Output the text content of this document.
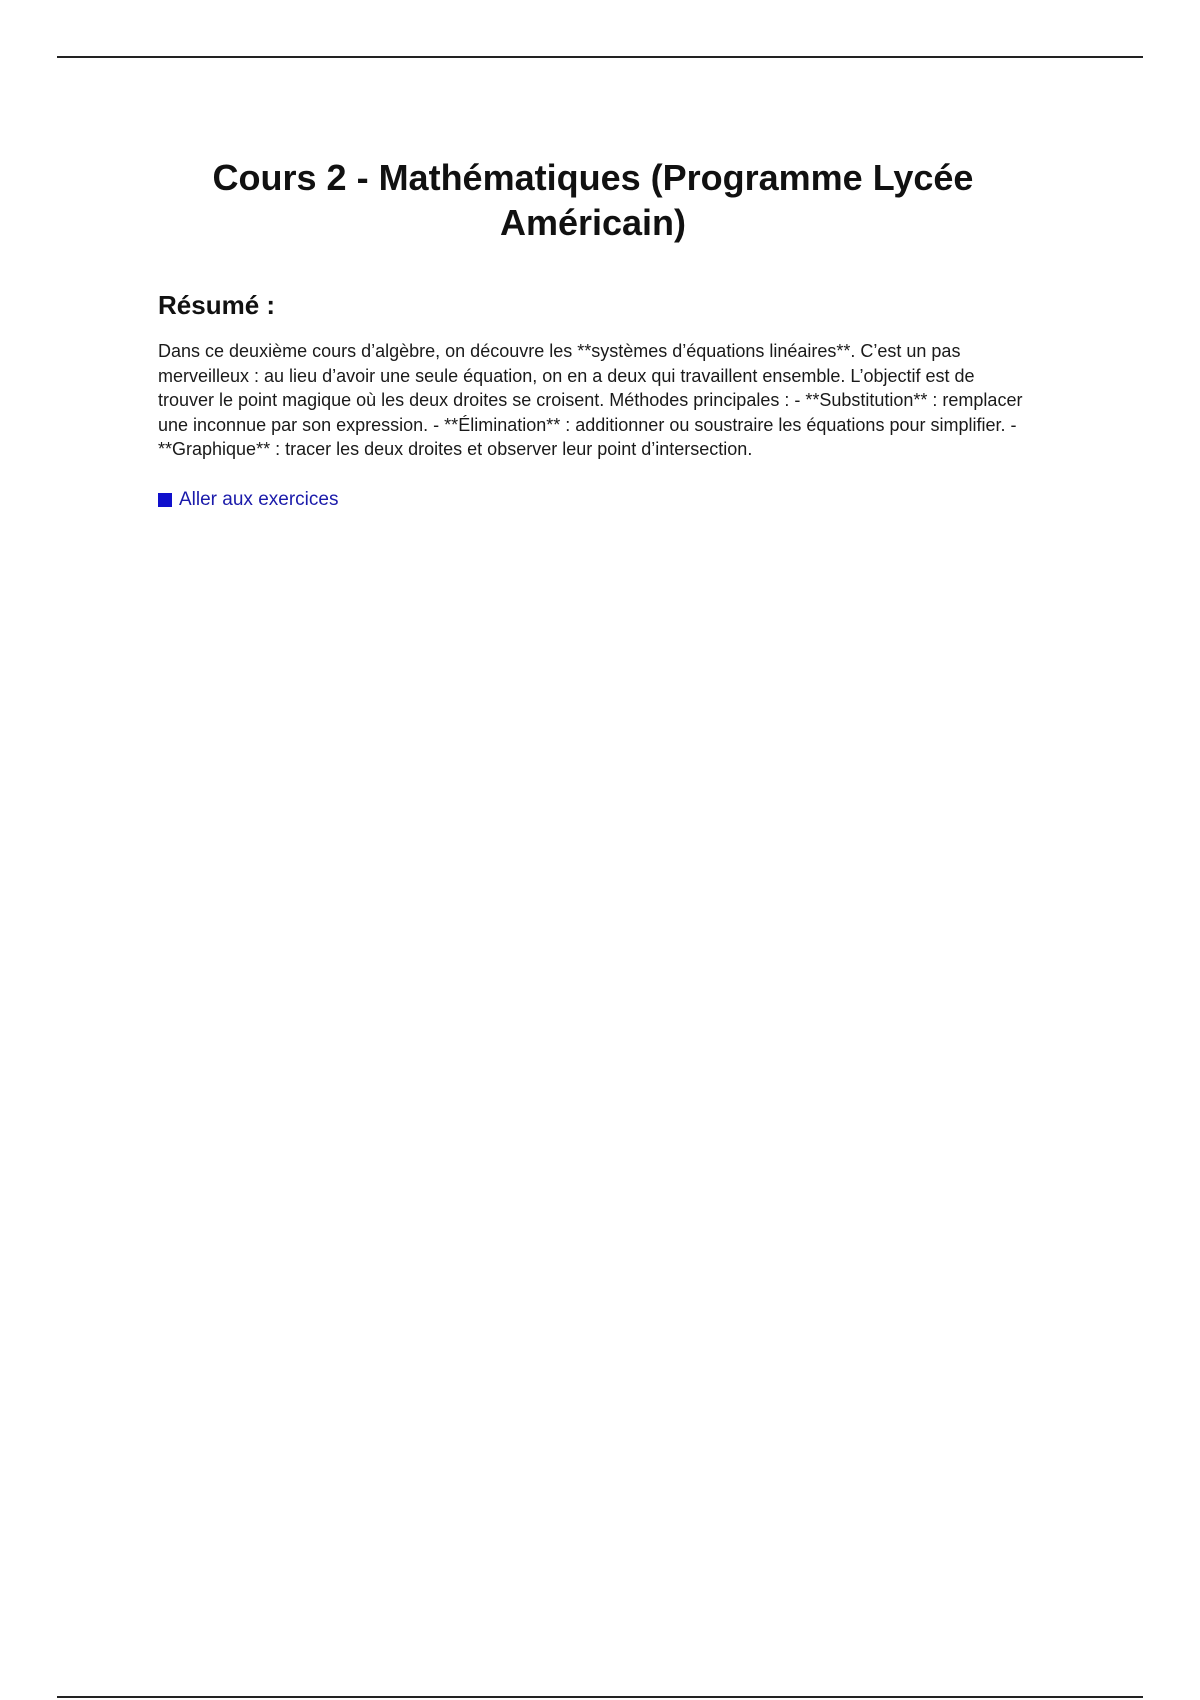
Cours 2 - Mathématiques (Programme Lycée Américain)
Résumé :

Dans ce deuxième cours d’algèbre, on découvre les **systèmes d’équations linéaires**. C’est un pas merveilleux : au lieu d’avoir une seule équation, on en a deux qui travaillent ensemble. L’objectif est de trouver le point magique où les deux droites se croisent. Méthodes principales : - **Substitution** : remplacer une inconnue par son expression. - **Élimination** : additionner ou soustraire les équations pour simplifier. - **Graphique** : tracer les deux droites et observer leur point d’intersection.

Aller aux exercices
